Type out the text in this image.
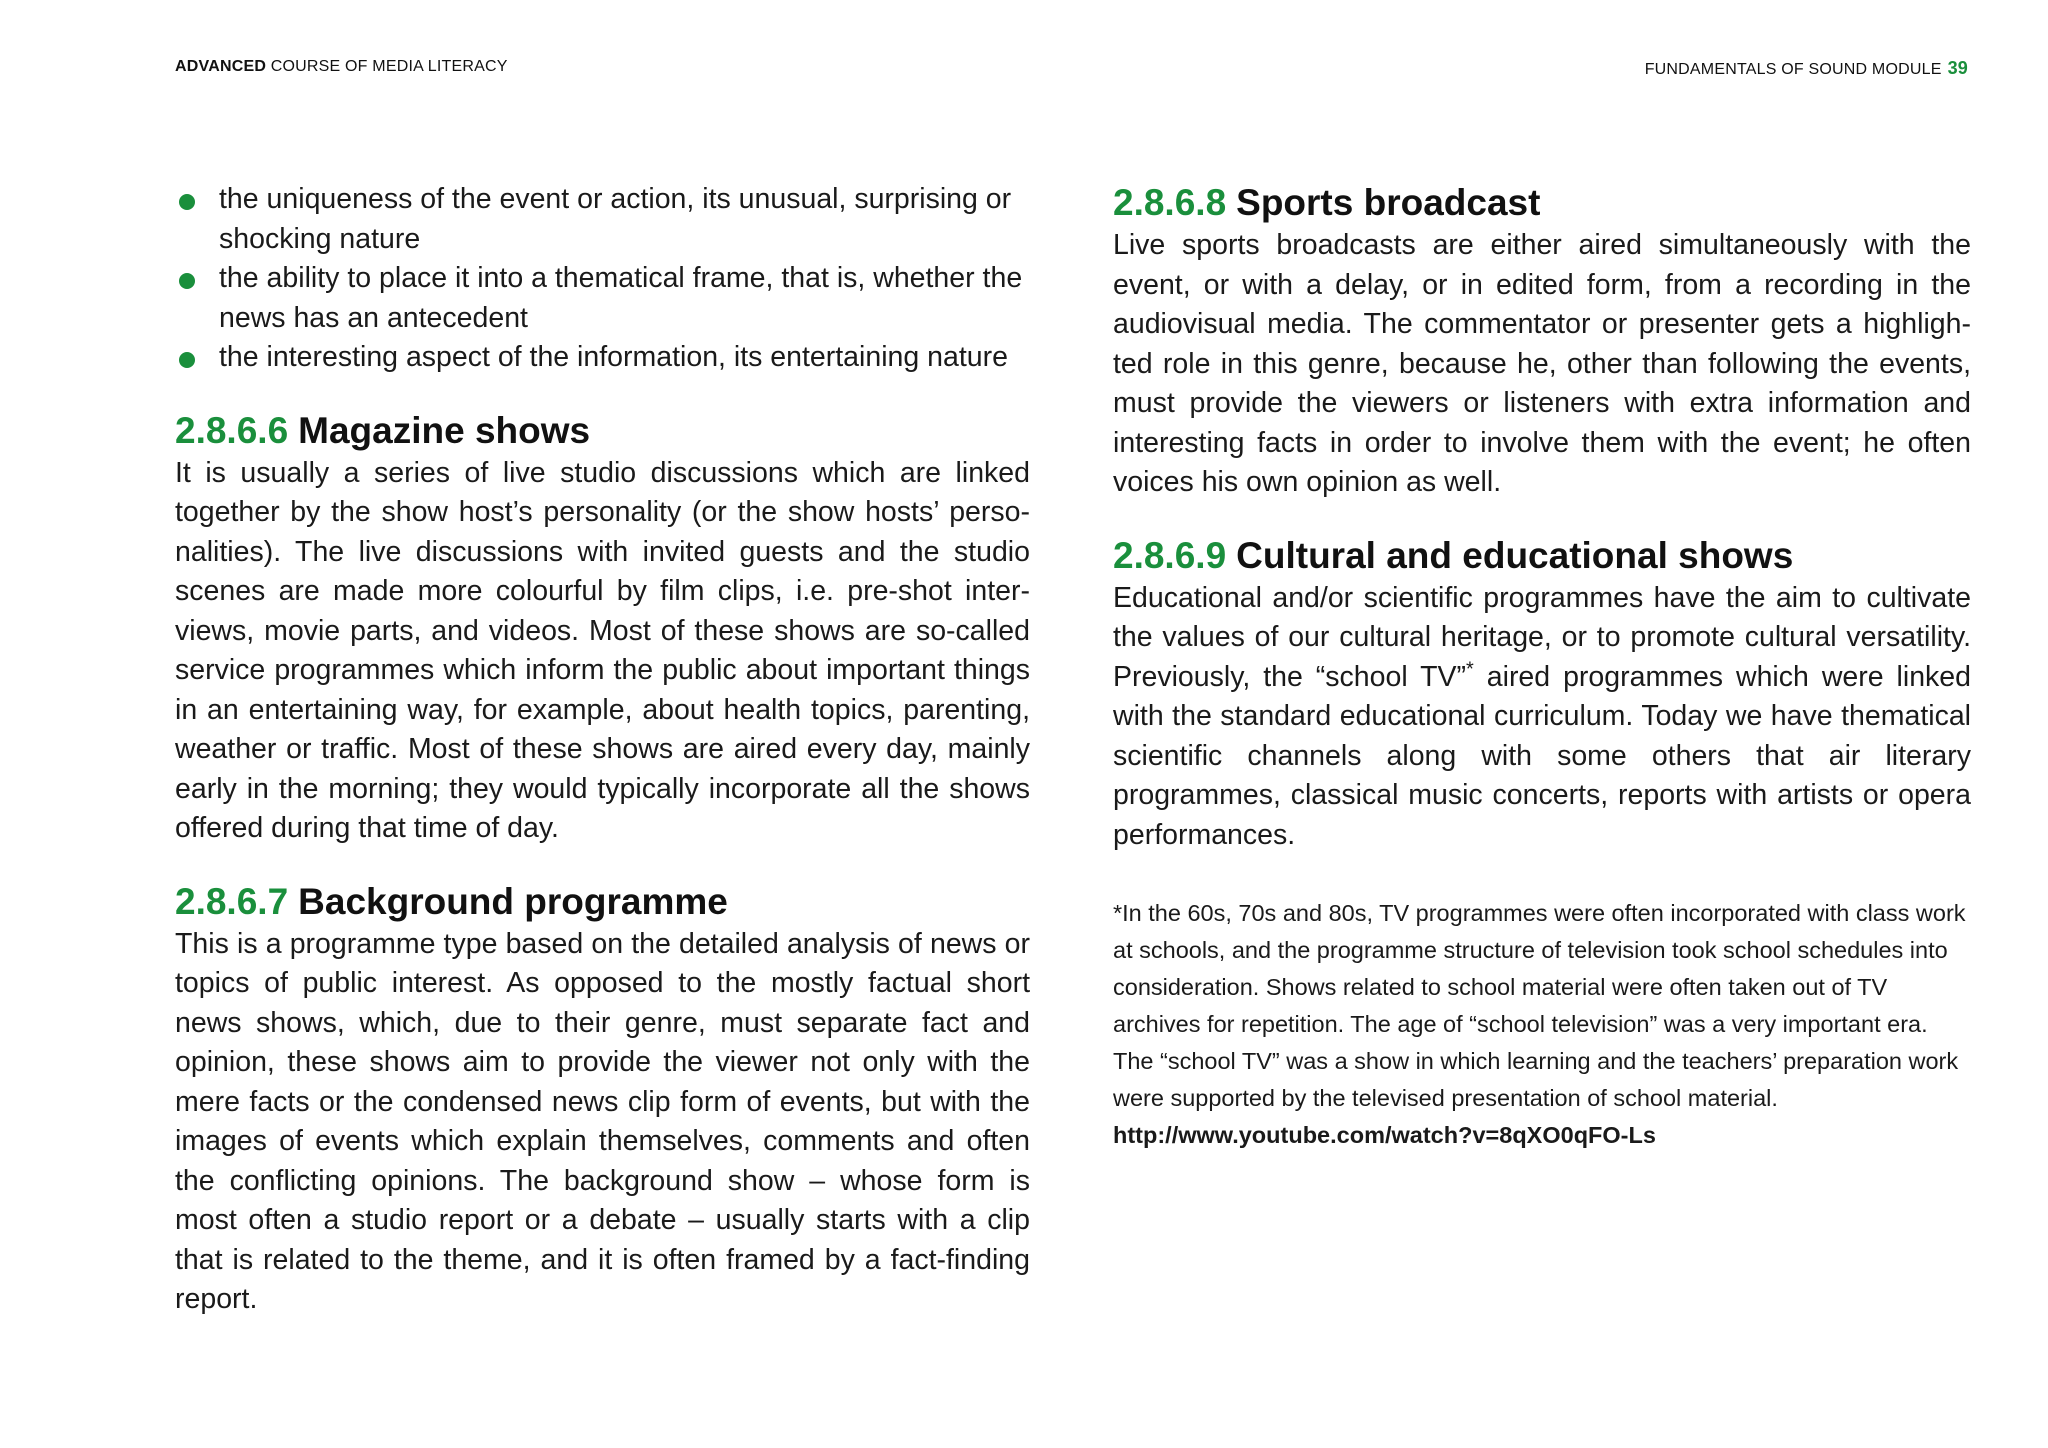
ADVANCED COURSE OF MEDIA LITERACY	FUNDAMENTALS OF SOUND MODULE 39
the uniqueness of the event or action, its unusual, surprising or shocking nature
the ability to place it into a thematical frame, that is, whether the news has an antecedent
the interesting aspect of the information, its entertaining nature
2.8.6.6 Magazine shows

It is usually a series of live studio discussions which are linked together by the show host’s personality (or the show hosts’ personalities). The live discussions with invited guests and the studio scenes are made more colourful by film clips, i.e. pre-shot interviews, movie parts, and videos. Most of these shows are so-called service programmes which inform the public about important things in an entertaining way, for example, about health topics, parenting, weather or traffic. Most of these shows are aired every day, mainly early in the morning; they would typically incorporate all the shows offered during that time of day.

2.8.6.7 Background programme

This is a programme type based on the detailed analysis of news or topics of public interest. As opposed to the mostly factual short news shows, which, due to their genre, must separate fact and opinion, these shows aim to provide the viewer not only with the mere facts or the condensed news clip form of events, but with the images of events which explain themselves, comments and often the conflicting opinions. The background show – whose form is most often a studio report or a debate – usually starts with a clip that is related to the theme, and it is often framed by a fact-finding report.

2.8.6.8 Sports broadcast

Live sports broadcasts are either aired simultaneously with the event, or with a delay, or in edited form, from a recording in the audiovisual media. The commentator or presenter gets a highlighted role in this genre, because he, other than following the events, must provide the viewers or listeners with extra information and interesting facts in order to involve them with the event; he often voices his own opinion as well.

2.8.6.9 Cultural and educational shows

Educational and/or scientific programmes have the aim to cultivate the values of our cultural heritage, or to promote cultural versatility. Previously, the “school TV”* aired programmes which were linked with the standard educational curriculum. Today we have thematical scientific channels along with some others that air literary programmes, classical music concerts, reports with artists or opera performances.

*In the 60s, 70s and 80s, TV programmes were often incorporated with class work at schools, and the programme structure of television took school schedules into consideration. Shows related to school material were often taken out of TV archives for repetition. The age of “school television” was a very important era. The “school TV” was a show in which learning and the teachers’ preparation work were supported by the televised presentation of school material.
http://www.youtube.com/watch?v=8qXO0qFO-Ls
